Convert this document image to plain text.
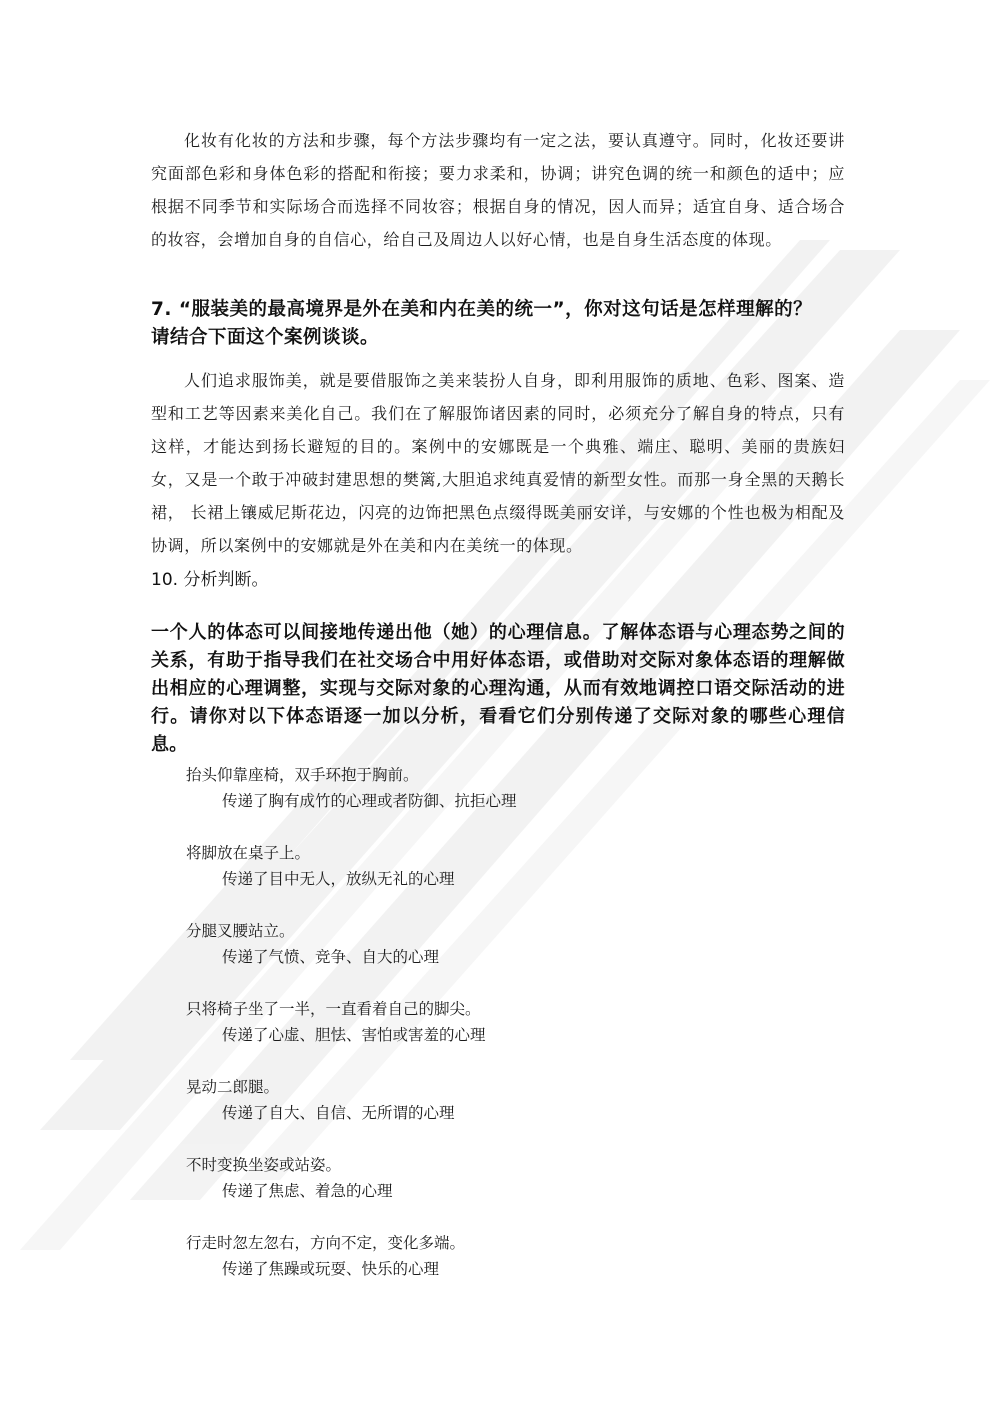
化妆有化妆的方法和步骤，每个方法步骤均有一定之法，要认真遵守。同时，化妆还要讲究面部色彩和身体色彩的搭配和衔接；要力求柔和，协调；讲究色调的统一和颜色的适中；应根据不同季节和实际场合而选择不同妆容；根据自身的情况，因人而异；适宜自身、适合场合的妆容，会增加自身的自信心，给自己及周边人以好心情，也是自身生活态度的体现。

7. “服装美的最高境界是外在美和内在美的统一”，你对这句话是怎样理解的？

请结合下面这个案例谈谈。

人们追求服饰美，就是要借服饰之美来装扮人自身，即利用服饰的质地、色彩、图案、造型和工艺等因素来美化自己。我们在了解服饰诸因素的同时，必须充分了解自身的特点，只有这样，才能达到扬长避短的目的。案例中的安娜既是一个典雅、端庄、聪明、美丽的贵族妇女，又是一个敢于冲破封建思想的樊篱,大胆追求纯真爱情的新型女性。而那一身全黑的天鹅长裙， 长裙上镶威尼斯花边，闪亮的边饰把黑色点缀得既美丽安详，与安娜的个性也极为相配及协调，所以案例中的安娜就是外在美和内在美统一的体现。

10. 分析判断。

一个人的体态可以间接地传递出他（她）的心理信息。了解体态语与心理态势之间的关系，有助于指导我们在社交场合中用好体态语，或借助对交际对象体态语的理解做出相应的心理调整，实现与交际对象的心理沟通，从而有效地调控口语交际活动的进行。请你对以下体态语逐一加以分析，看看它们分别传递了交际对象的哪些心理信息。

抬头仰靠座椅，双手环抱于胸前。

传递了胸有成竹的心理或者防御、抗拒心理

将脚放在桌子上。

传递了目中无人，放纵无礼的心理

分腿叉腰站立。

传递了气愤、竞争、自大的心理

只将椅子坐了一半，一直看着自己的脚尖。

传递了心虚、胆怯、害怕或害羞的心理

晃动二郎腿。

传递了自大、自信、无所谓的心理

不时变换坐姿或站姿。

传递了焦虑、着急的心理

行走时忽左忽右，方向不定，变化多端。

传递了焦躁或玩耍、快乐的心理
